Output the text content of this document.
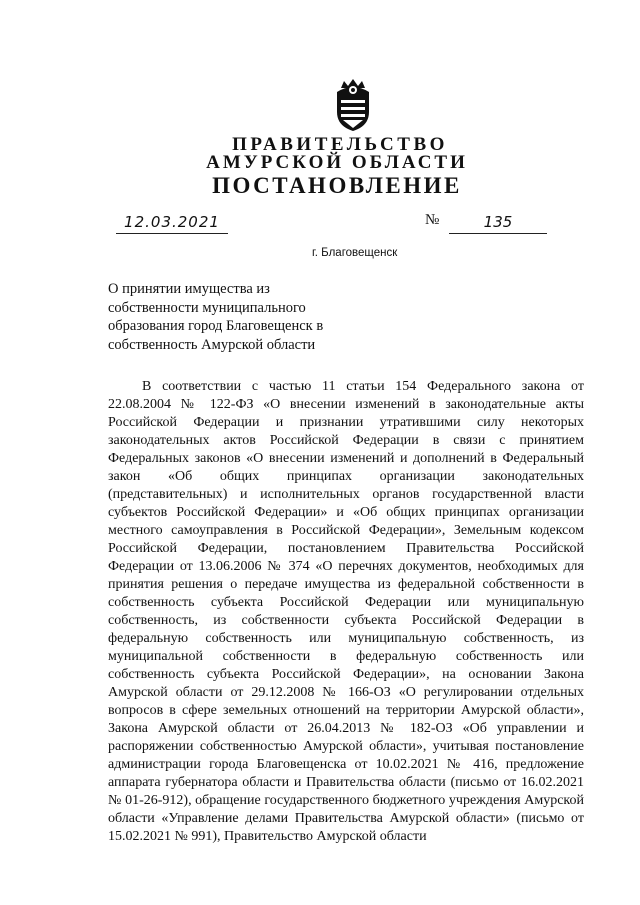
ПРАВИТЕЛЬСТВО
АМУРСКОЙ ОБЛАСТИ
ПОСТАНОВЛЕНИЕ
12.03.2021	№	135
г. Благовещенск
О принятии имущества из собственности муниципального образования город Благовещенск в собственность Амурской области
В соответствии с частью 11 статьи 154 Федерального закона от 22.08.2004 № 122-ФЗ «О внесении изменений в законодательные акты Российской Федерации и признании утратившими силу некоторых законодательных актов Российской Федерации в связи с принятием Федеральных законов «О внесении изменений и дополнений в Федеральный закон «Об общих принципах организации законодательных (представительных) и исполнительных органов государственной власти субъектов Российской Федерации» и «Об общих принципах организации местного самоуправления в Российской Федерации», Земельным кодексом Российской Федерации, постановлением Правительства Российской Федерации от 13.06.2006 № 374 «О перечнях документов, необходимых для принятия решения о передаче имущества из федеральной собственности в собственность субъекта Российской Федерации или муниципальную собственность, из собственности субъекта Российской Федерации в федеральную собственность или муниципальную собственность, из муниципальной собственности в федеральную собственность или собственность субъекта Российской Федерации», на основании Закона Амурской области от 29.12.2008 № 166-ОЗ «О регулировании отдельных вопросов в сфере земельных отношений на территории Амурской области», Закона Амурской области от 26.04.2013 № 182-ОЗ «Об управлении и распоряжении собственностью Амурской области», учитывая постановление администрации города Благовещенска от 10.02.2021 № 416, предложение аппарата губернатора области и Правительства области (письмо от 16.02.2021 № 01-26-912), обращение государственного бюджетного учреждения Амурской области «Управление делами Правительства Амурской области» (письмо от 15.02.2021 № 991), Правительство Амурской области
